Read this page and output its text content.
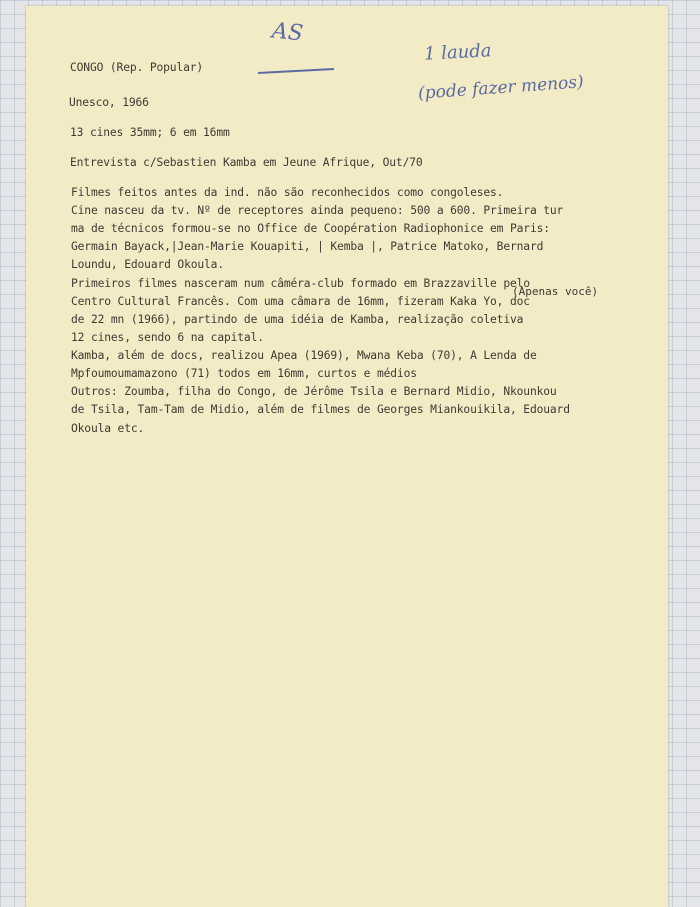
CONGO (Rep. Popular)
Unesco, 1966
13 cines 35mm; 6 em 16mm
Entrevista c/Sebastien Kamba em Jeune Afrique, Out/70
AS
1 lauda
(pode fazer menos)
Filmes feitos antes da ind. não são reconhecidos como congoleses.
Cine nasceu da tv. Nº de receptores ainda pequeno: 500 a 600. Primeira tur
ma de técnicos formou-se no Office de Coopération Radiophonice em Paris:
Germain Bayack,|Jean-Marie Kouapiti, | Kemba |, Patrice Matoko, Bernard
Loundu, Edouard Okoula.
Primeiros filmes nasceram num câméra-club formado em Brazzaville pelo
(Apenas você)
Centro Cultural Francês. Com uma câmara de 16mm, fizeram Kaka Yo, doc
de 22 mn (1966), partindo de uma idéia de Kamba, realização coletiva
12 cines, sendo 6 na capital.
Kamba, além de docs, realizou Apea (1969), Mwana Keba (70), A Lenda de
Mpfoumoumamazono (71) todos em 16mm, curtos e médios
Outros: Zoumba, filha do Congo, de Jérôme Tsila e Bernard Midio, Nkounkou
de Tsila, Tam-Tam de Midio, além de filmes de Georges Miankouikila, Edouard
Okoula etc.
